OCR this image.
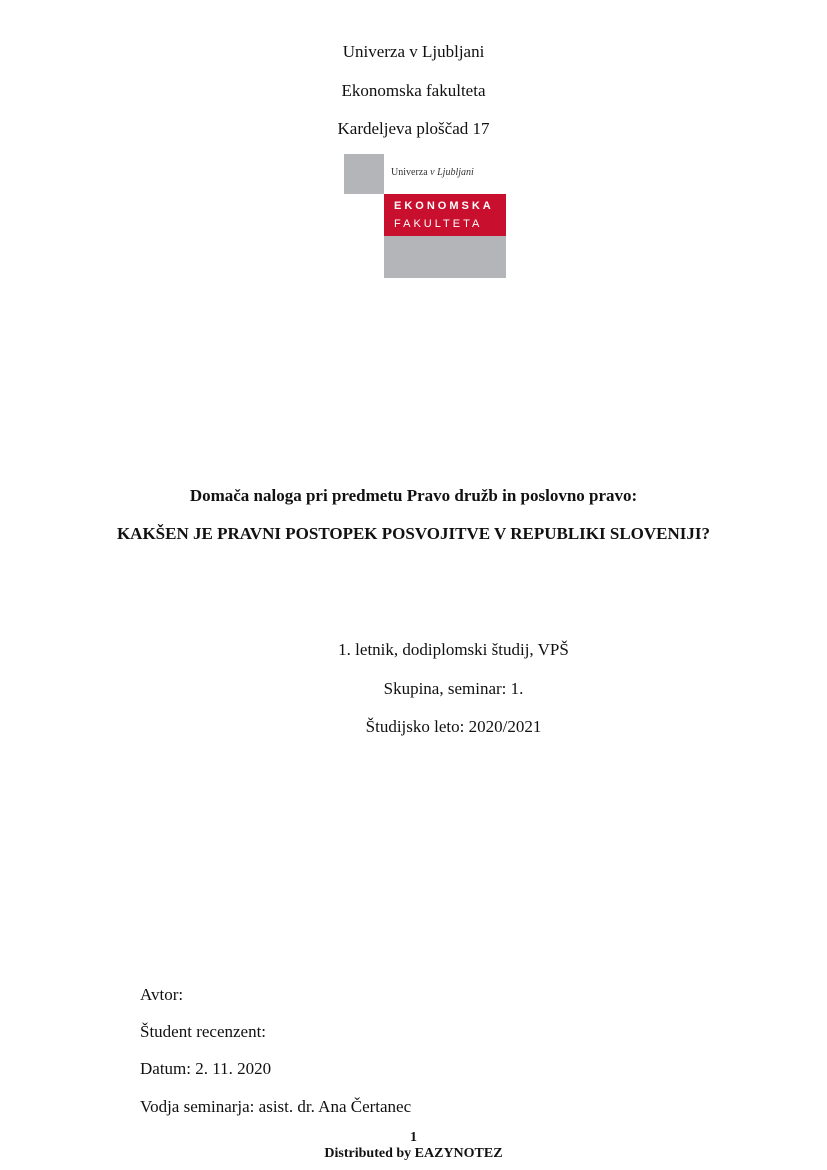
Univerza v Ljubljani
Ekonomska fakulteta
Kardeljeva ploščad 17
Univerza v Ljubljani
EKONOMSKA
FAKULTETA
Domača naloga pri predmetu Pravo družb in poslovno pravo:
KAKŠEN JE PRAVNI POSTOPEK POSVOJITVE V REPUBLIKI SLOVENIJI?
1. letnik, dodiplomski študij, VPŠ
Skupina, seminar: 1.
Študijsko leto: 2020/2021
Avtor:
Študent recenzent:
Datum: 2. 11. 2020
Vodja seminarja: asist. dr. Ana Čertanec
1
Distributed by EAZYNOTEZ
